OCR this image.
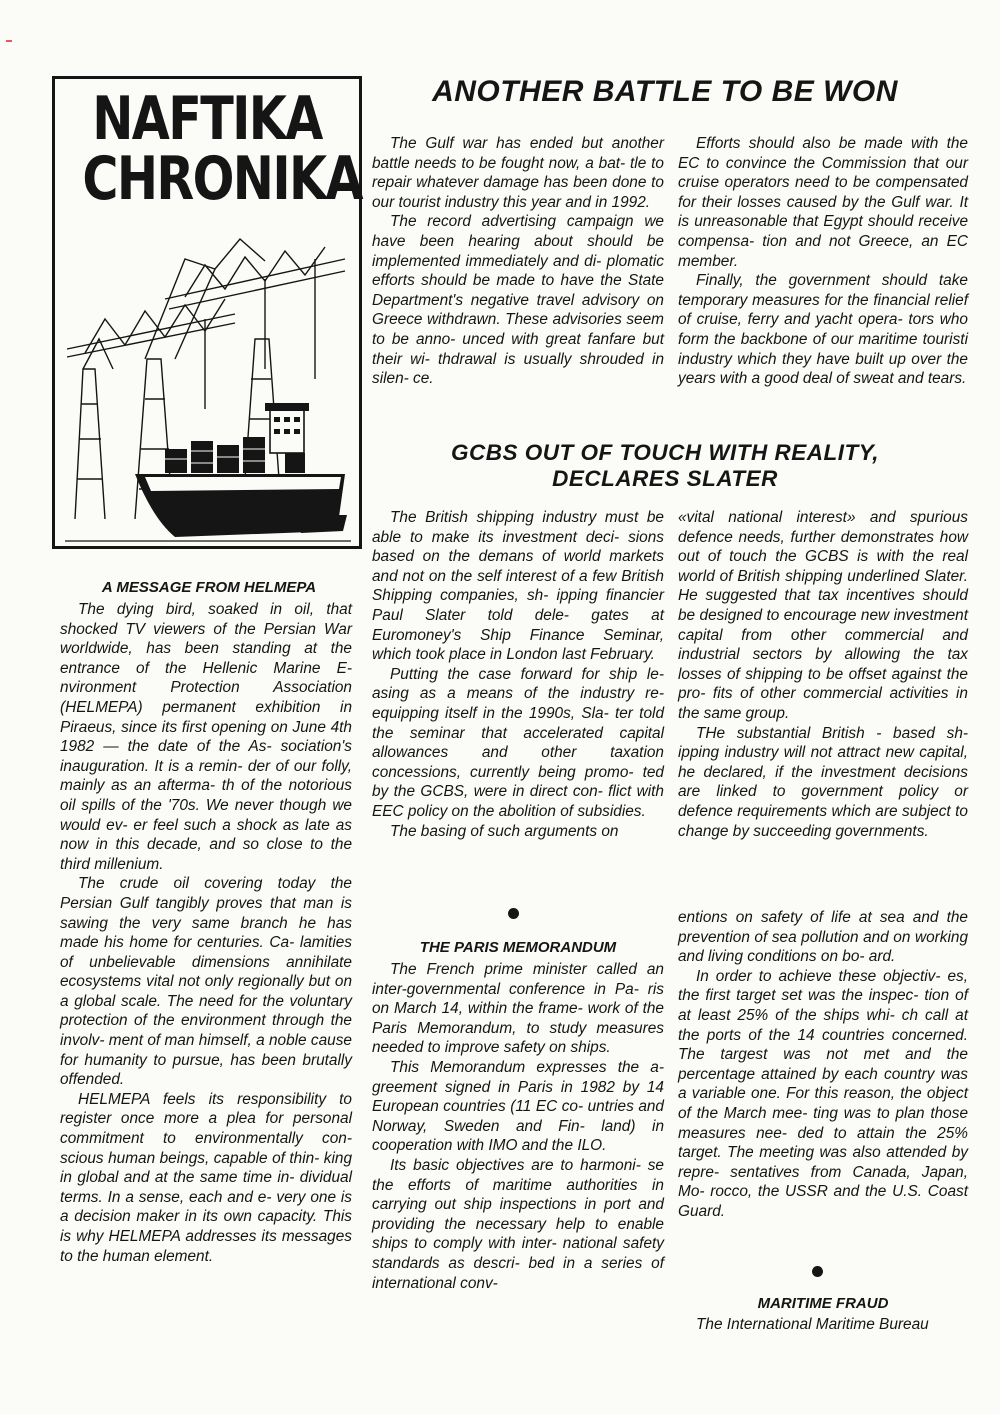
NAFTIKA
CHRONIKA
ANOTHER BATTLE TO BE WON

The Gulf war has ended but another battle needs to be fought now, a bat- tle to repair whatever damage has been done to our tourist industry this year and in 1992.

The record advertising campaign we have been hearing about should be implemented immediately and di- plomatic efforts should be made to have the State Department's negative travel advisory on Greece withdrawn. These advisories seem to be anno- unced with great fanfare but their wi- thdrawal is usually shrouded in silen- ce.

Efforts should also be made with the EC to convince the Commission that our cruise operators need to be compensated for their losses caused by the Gulf war. It is unreasonable that Egypt should receive compensa- tion and not Greece, an EC member.

Finally, the government should take temporary measures for the financial relief of cruise, ferry and yacht opera- tors who form the backbone of our maritime touristi industry which they have built up over the years with a good deal of sweat and tears.

GCBS OUT OF TOUCH WITH REALITY,
DECLARES SLATER

The British shipping industry must be able to make its investment deci- sions based on the demans of world markets and not on the self interest of a few British Shipping companies, sh- ipping financier Paul Slater told dele- gates at Euromoney's Ship Finance Seminar, which took place in London last February.

Putting the case forward for ship le- asing as a means of the industry re-equipping itself in the 1990s, Sla- ter told the seminar that accelerated capital allowances and other taxation concessions, currently being promo- ted by the GCBS, were in direct con- flict with EEC policy on the abolition of subsidies.

The basing of such arguments on

«vital national interest» and spurious defence needs, further demonstrates how out of touch the GCBS is with the real world of British shipping underlined Slater. He suggested that tax incentives should be designed to encourage new investment capital from other commercial and industrial sectors by allowing the tax losses of shipping to be offset against the pro- fits of other commercial activities in the same group.

THe substantial British - based sh- ipping industry will not attract new capital, he declared, if the investment decisions are linked to government policy or defence requirements which are subject to change by succeeding governments.

A MESSAGE FROM HELMEPA

The dying bird, soaked in oil, that shocked TV viewers of the Persian War worldwide, has been standing at the entrance of the Hellenic Marine E- nvironment Protection Association (HELMEPA) permanent exhibition in Piraeus, since its first opening on June 4th 1982 — the date of the As- sociation's inauguration. It is a remin- der of our folly, mainly as an afterma- th of the notorious oil spills of the '70s. We never though we would ev- er feel such a shock as late as now in this decade, and so close to the third millenium.

The crude oil covering today the Persian Gulf tangibly proves that man is sawing the very same branch he has made his home for centuries. Ca- lamities of unbelievable dimensions annihilate ecosystems vital not only regionally but on a global scale. The need for the voluntary protection of the environment through the involv- ment of man himself, a noble cause for humanity to pursue, has been brutally offended.

HELMEPA feels its responsibility to register once more a plea for personal commitment to environmentally con- scious human beings, capable of thin- king in global and at the same time in- dividual terms. In a sense, each and e- very one is a decision maker in its own capacity. This is why HELMEPA addresses its messages to the human element.

THE PARIS MEMORANDUM

The French prime minister called an inter-governmental conference in Pa- ris on March 14, within the frame- work of the Paris Memorandum, to study measures needed to improve safety on ships.

This Memorandum expresses the a- greement signed in Paris in 1982 by 14 European countries (11 EC co- untries and Norway, Sweden and Fin- land) in cooperation with IMO and the ILO.

Its basic objectives are to harmoni- se the efforts of maritime authorities in carrying out ship inspections in port and providing the necessary help to enable ships to comply with inter- national safety standards as descri- bed in a series of international conv-

entions on safety of life at sea and the prevention of sea pollution and on working and living conditions on bo- ard.

In order to achieve these objectiv- es, the first target set was the inspec- tion of at least 25% of the ships whi- ch call at the ports of the 14 countries concerned. The targest was not met and the percentage attained by each country was a variable one. For this reason, the object of the March mee- ting was to plan those measures nee- ded to attain the 25% target. The meeting was also attended by repre- sentatives from Canada, Japan, Mo- rocco, the USSR and the U.S. Coast Guard.

MARITIME FRAUD

The International Maritime Bureau
